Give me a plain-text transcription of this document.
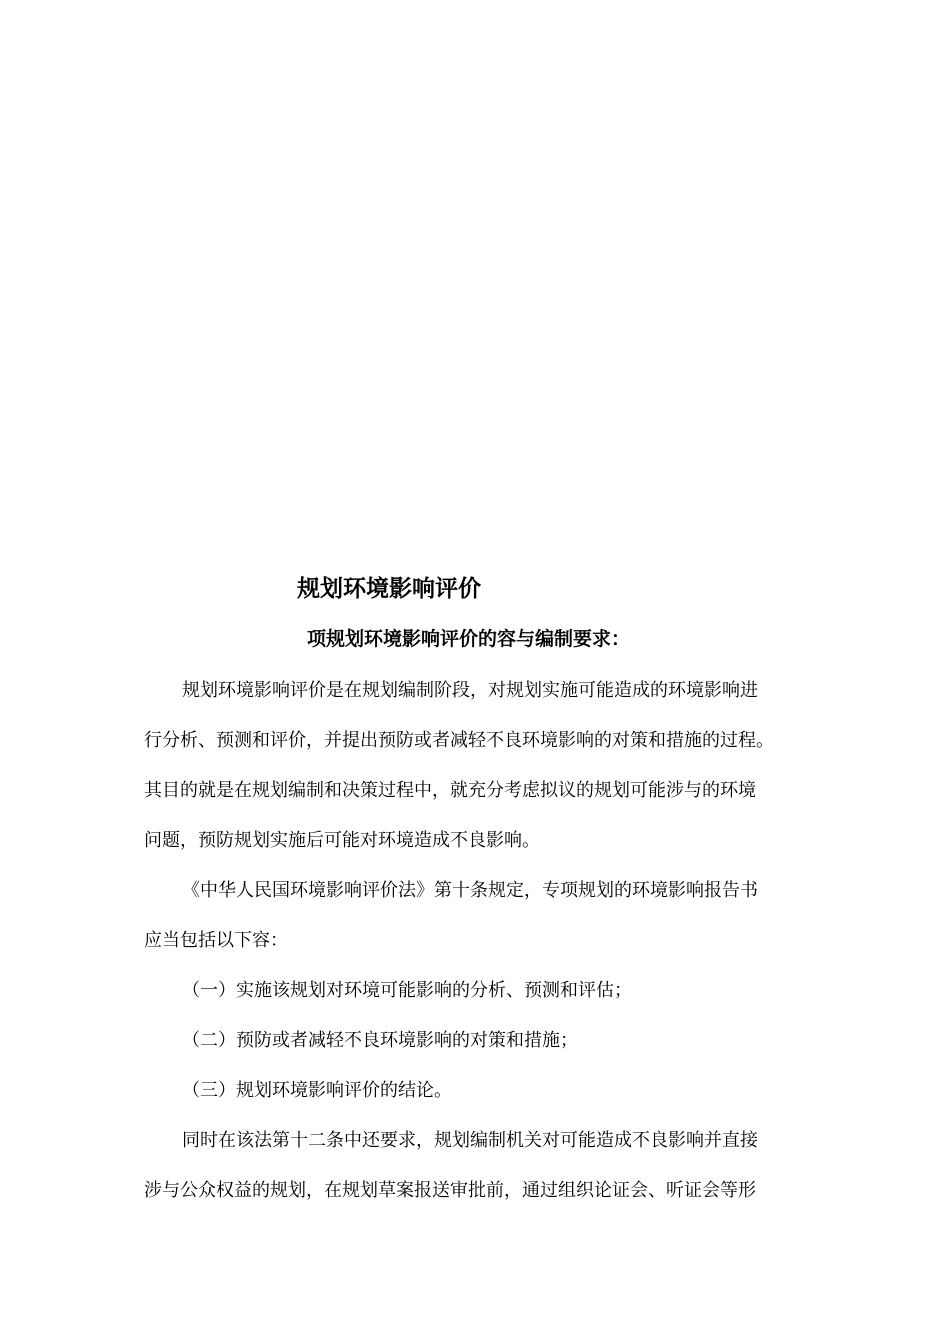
规划环境影响评价
项规划环境影响评价的容与编制要求：
规划环境影响评价是在规划编制阶段，对规划实施可能造成的环境影响进
行分析、预测和评价，并提出预防或者减轻不良环境影响的对策和措施的过程。
其目的就是在规划编制和决策过程中，就充分考虑拟议的规划可能涉与的环境
问题，预防规划实施后可能对环境造成不良影响。
《中华人民国环境影响评价法》第十条规定，专项规划的环境影响报告书
应当包括以下容：
（一）实施该规划对环境可能影响的分析、预测和评估；
（二）预防或者减轻不良环境影响的对策和措施；
（三）规划环境影响评价的结论。
同时在该法第十二条中还要求，规划编制机关对可能造成不良影响并直接
涉与公众权益的规划，在规划草案报送审批前，通过组织论证会、听证会等形
